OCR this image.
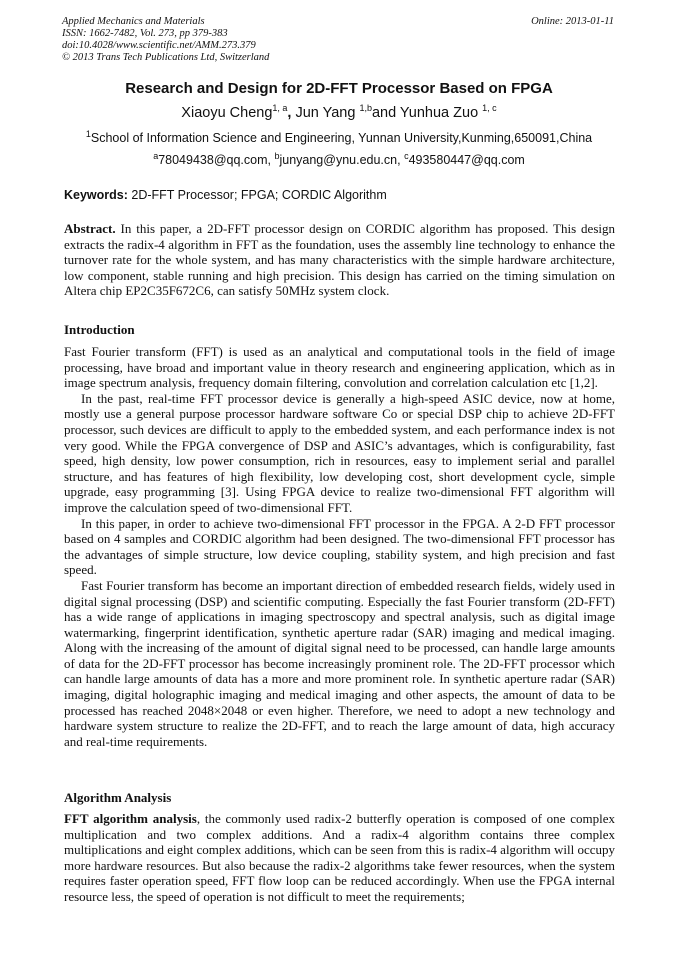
Applied Mechanics and Materials	Online: 2013-01-11
ISSN: 1662-7482, Vol. 273, pp 379-383
doi:10.4028/www.scientific.net/AMM.273.379
© 2013 Trans Tech Publications Ltd, Switzerland
Research and Design for 2D-FFT Processor Based on FPGA
Xiaoyu Cheng$^{1, a}$, Jun Yang $^{1,b}$and Yunhua Zuo $^{1, c}$
$^1$School of Information Science and Engineering, Yunnan University,Kunming,650091,China
$^a$78049438@qq.com, $^b$junyang@ynu.edu.cn, $^c$493580447@qq.com
Keywords: 2D-FFT Processor; FPGA; CORDIC Algorithm

Abstract. In this paper, a 2D-FFT processor design on CORDIC algorithm has proposed. This design extracts the radix-4 algorithm in FFT as the foundation, uses the assembly line technology to enhance the turnover rate for the whole system, and has many characteristics with the simple hardware architecture, low component, stable running and high precision. This design has carried on the timing simulation on Altera chip EP2C35F672C6, can satisfy 50MHz system clock.

Introduction

Fast Fourier transform (FFT) is used as an analytical and computational tools in the field of image processing, have broad and important value in theory research and engineering application, which as in image spectrum analysis, frequency domain filtering, convolution and correlation calculation etc [1,2].

In the past, real-time FFT processor device is generally a high-speed ASIC device, now at home, mostly use a general purpose processor hardware software Co or special DSP chip to achieve 2D-FFT processor, such devices are difficult to apply to the embedded system, and each performance index is not very good. While the FPGA convergence of DSP and ASIC’s advantages, which is configurability, fast speed, high density, low power consumption, rich in resources, easy to implement serial and parallel structure, and has features of high flexibility, low developing cost, short development cycle, simple upgrade, easy programming [3]. Using FPGA device to realize two-dimensional FFT algorithm will improve the calculation speed of two-dimensional FFT.

In this paper, in order to achieve two-dimensional FFT processor in the FPGA. A 2-D FFT processor based on 4 samples and CORDIC algorithm had been designed. The two-dimensional FFT processor has the advantages of simple structure, low device coupling, stability system, and high precision and fast speed.

Fast Fourier transform has become an important direction of embedded research fields, widely used in digital signal processing (DSP) and scientific computing. Especially the fast Fourier transform (2D-FFT) has a wide range of applications in imaging spectroscopy and spectral analysis, such as digital image watermarking, fingerprint identification, synthetic aperture radar (SAR) imaging and medical imaging. Along with the increasing of the amount of digital signal need to be processed, can handle large amounts of data for the 2D-FFT processor has become increasingly prominent role. The 2D-FFT processor which can handle large amounts of data has a more and more prominent role. In synthetic aperture radar (SAR) imaging, digital holographic imaging and medical imaging and other aspects, the amount of data to be processed has reached 2048×2048 or even higher. Therefore, we need to adopt a new technology and hardware system structure to realize the 2D-FFT, and to reach the large amount of data, high accuracy and real-time requirements.

Algorithm Analysis

FFT algorithm analysis, the commonly used radix-2 butterfly operation is composed of one complex multiplication and two complex additions. And a radix-4 algorithm contains three complex multiplications and eight complex additions, which can be seen from this is radix-4 algorithm will occupy more hardware resources. But also because the radix-2 algorithms take fewer resources, when the system requires faster operation speed, FFT flow loop can be reduced accordingly. When use the FPGA internal resource less, the speed of operation is not difficult to meet the requirements;
